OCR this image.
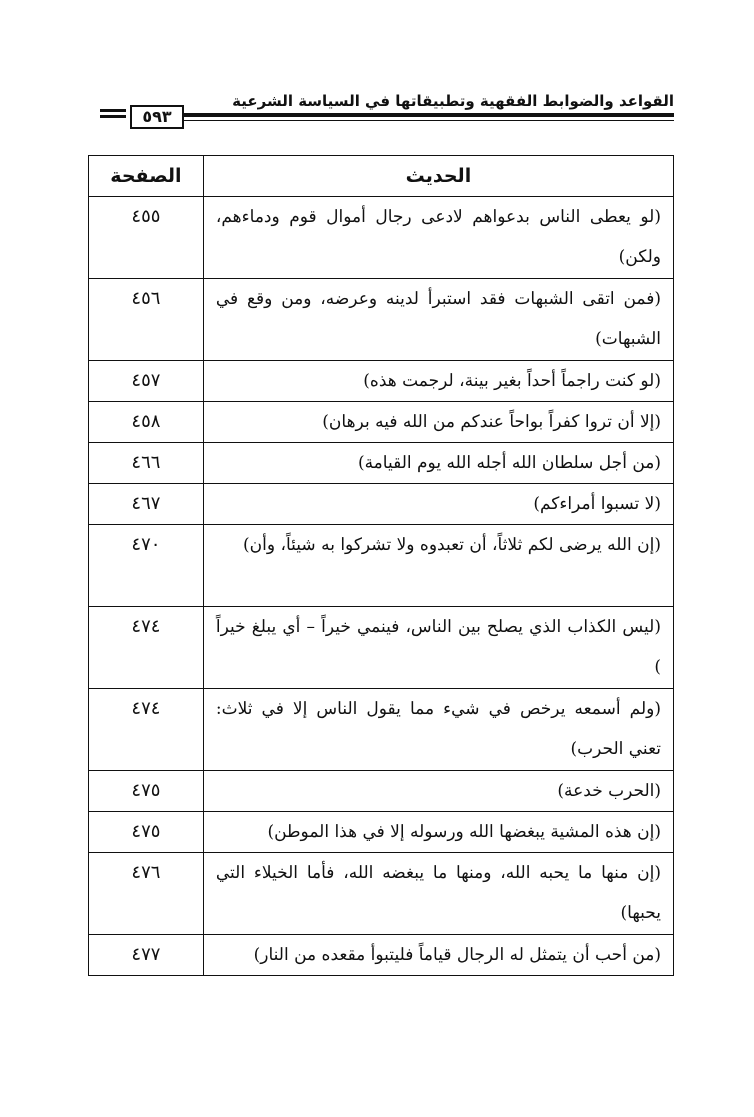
القواعد والضوابط الفقهية وتطبيقاتها في السياسة الشرعية
٥٩٣
الحديث	الصفحة
(لو يعطى الناس بدعواهم لادعى رجال أموال قوم ودماءهم، ولكن)	٤٥٥
(فمن اتقى الشبهات فقد استبرأ لدينه وعرضه، ومن وقع في الشبهات)	٤٥٦
(لو كنت راجماً أحداً بغير بينة، لرجمت هذه)	٤٥٧
(إلا أن تروا كفراً بواحاً عندكم من الله فيه برهان)	٤٥٨
(من أجل سلطان الله أجله الله يوم القيامة)	٤٦٦
(لا تسبوا أمراءكم)	٤٦٧
(إن الله يرضى لكم ثلاثاً، أن تعبدوه ولا تشركوا به شيئاً، وأن)	٤٧٠
(ليس الكذاب الذي يصلح بين الناس، فينمي خيراً – أي يبلغ خيراً )	٤٧٤
(ولم أسمعه يرخص في شيء مما يقول الناس إلا في ثلاث: تعني الحرب)	٤٧٤
(الحرب خدعة)	٤٧٥
(إن هذه المشية يبغضها الله ورسوله إلا في هذا الموطن)	٤٧٥
(إن منها ما يحبه الله، ومنها ما يبغضه الله، فأما الخيلاء التي يحبها)	٤٧٦
(من أحب أن يتمثل له الرجال قياماً فليتبوأ مقعده من النار)	٤٧٧
